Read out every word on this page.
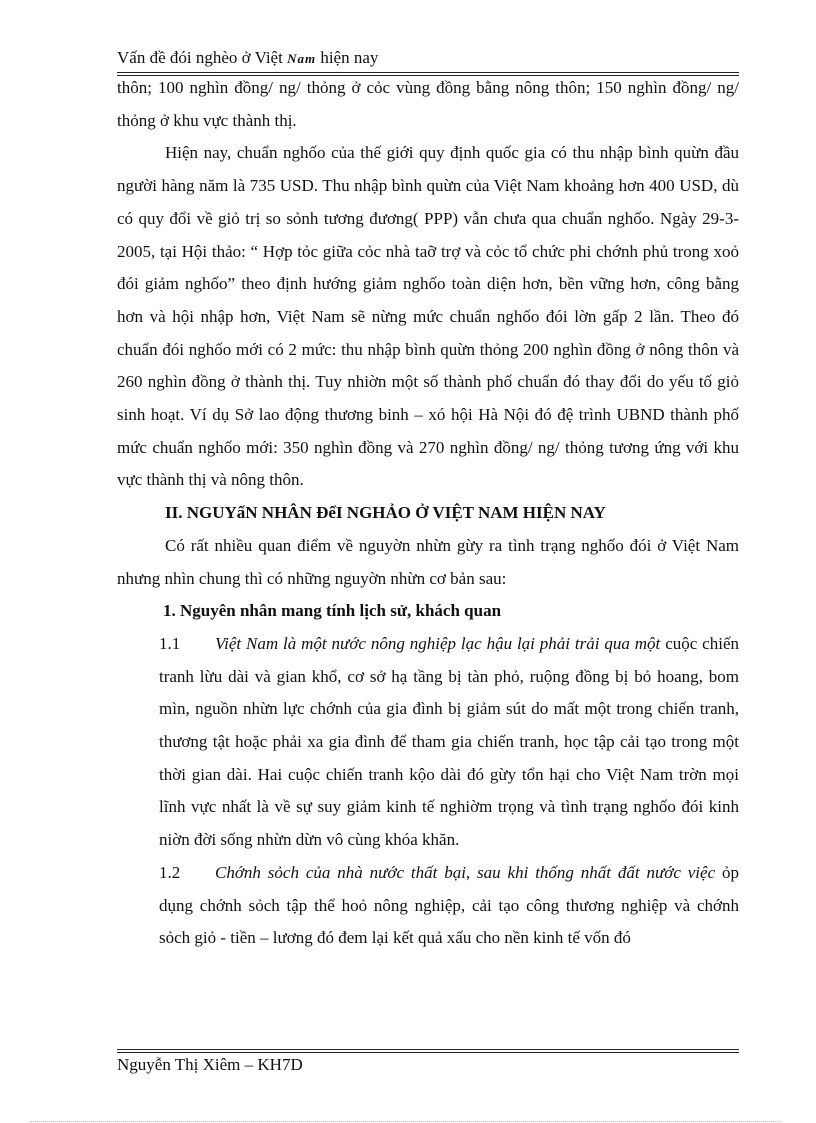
Vấn đề đói nghèo ở Việt Nam hiện nay

thôn; 100 nghìn đồng/ ng/ thỏng ở cỏc vùng đồng bằng nông thôn; 150 nghìn đồng/ ng/ thỏng ở khu vực thành thị.

Hiện nay, chuẩn nghốo của thế giới quy định quốc gia có thu nhập bình quừn đầu người hàng năm là 735 USD. Thu nhập bình quừn của Việt Nam khoảng hơn 400 USD, dù có quy đổi về giỏ trị so sỏnh tương đương( PPP) vẫn chưa qua chuẩn nghốo. Ngày 29-3-2005, tại Hội thảo: “ Hợp tỏc giữa cỏc nhà taỡ trợ và cỏc tổ chức phi chớnh phủ trong xoỏ đói giảm nghốo” theo định hướng giảm nghốo toàn diện hơn, bền vững hơn, công bằng hơn và hội nhập hơn, Việt Nam sẽ nừng mức chuẩn nghốo đói lờn gấp 2 lần. Theo đó chuẩn đói nghốo mới có 2 mức: thu nhập bình quừn thỏng 200 nghìn đồng ở nông thôn và 260 nghìn đồng ở thành thị. Tuy nhiờn một số thành phố chuẩn đó thay đổi do yếu tố giỏ sinh hoạt. Ví dụ Sở lao động thương binh – xó hội Hà Nội đó đệ trình UBND thành phố mức chuẩn nghốo mới: 350 nghìn đồng và 270 nghìn đồng/ ng/ thỏng tương ứng với khu vực thành thị và nông thôn.

II. NGUYấN NHÂN ĐểI NGHẢO Ở VIỆT NAM HIỆN NAY

Có rất nhiều quan điểm về nguyờn nhừn gừy ra tình trạng nghốo đói ở Việt Nam nhưng nhìn chung thì có những nguyờn nhừn cơ bản sau:

1. Nguyên nhân mang tính lịch sử, khách quan

1.1 Việt Nam là một nước nông nghiệp lạc hậu lại phải trải qua một cuộc chiến tranh lừu dài và gian khổ, cơ sở hạ tầng bị tàn phỏ, ruộng đồng bị bỏ hoang, bom mìn, nguồn nhừn lực chớnh của gia đình bị giảm sút do mất một trong chiến tranh, thương tật hoặc phải xa gia đình để tham gia chiến tranh, học tập cải tạo trong một thời gian dài. Hai cuộc chiến tranh kộo dài đó gừy tổn hại cho Việt Nam trờn mọi lĩnh vực nhất là về sự suy giảm kinh tế nghiờm trọng và tình trạng nghốo đói kinh niờn đời sống nhừn dừn vô cùng khóa khăn.

1.2 Chớnh sỏch của nhà nước thất bại, sau khi thống nhất đất nước việc ỏp dụng chớnh sỏch tập thể hoỏ nông nghiệp, cải tạo công thương nghiệp và chớnh sỏch giỏ - tiền – lương đó đem lại kết quả xấu cho nền kinh tế vốn đó

Nguyễn Thị Xiêm – KH7D
